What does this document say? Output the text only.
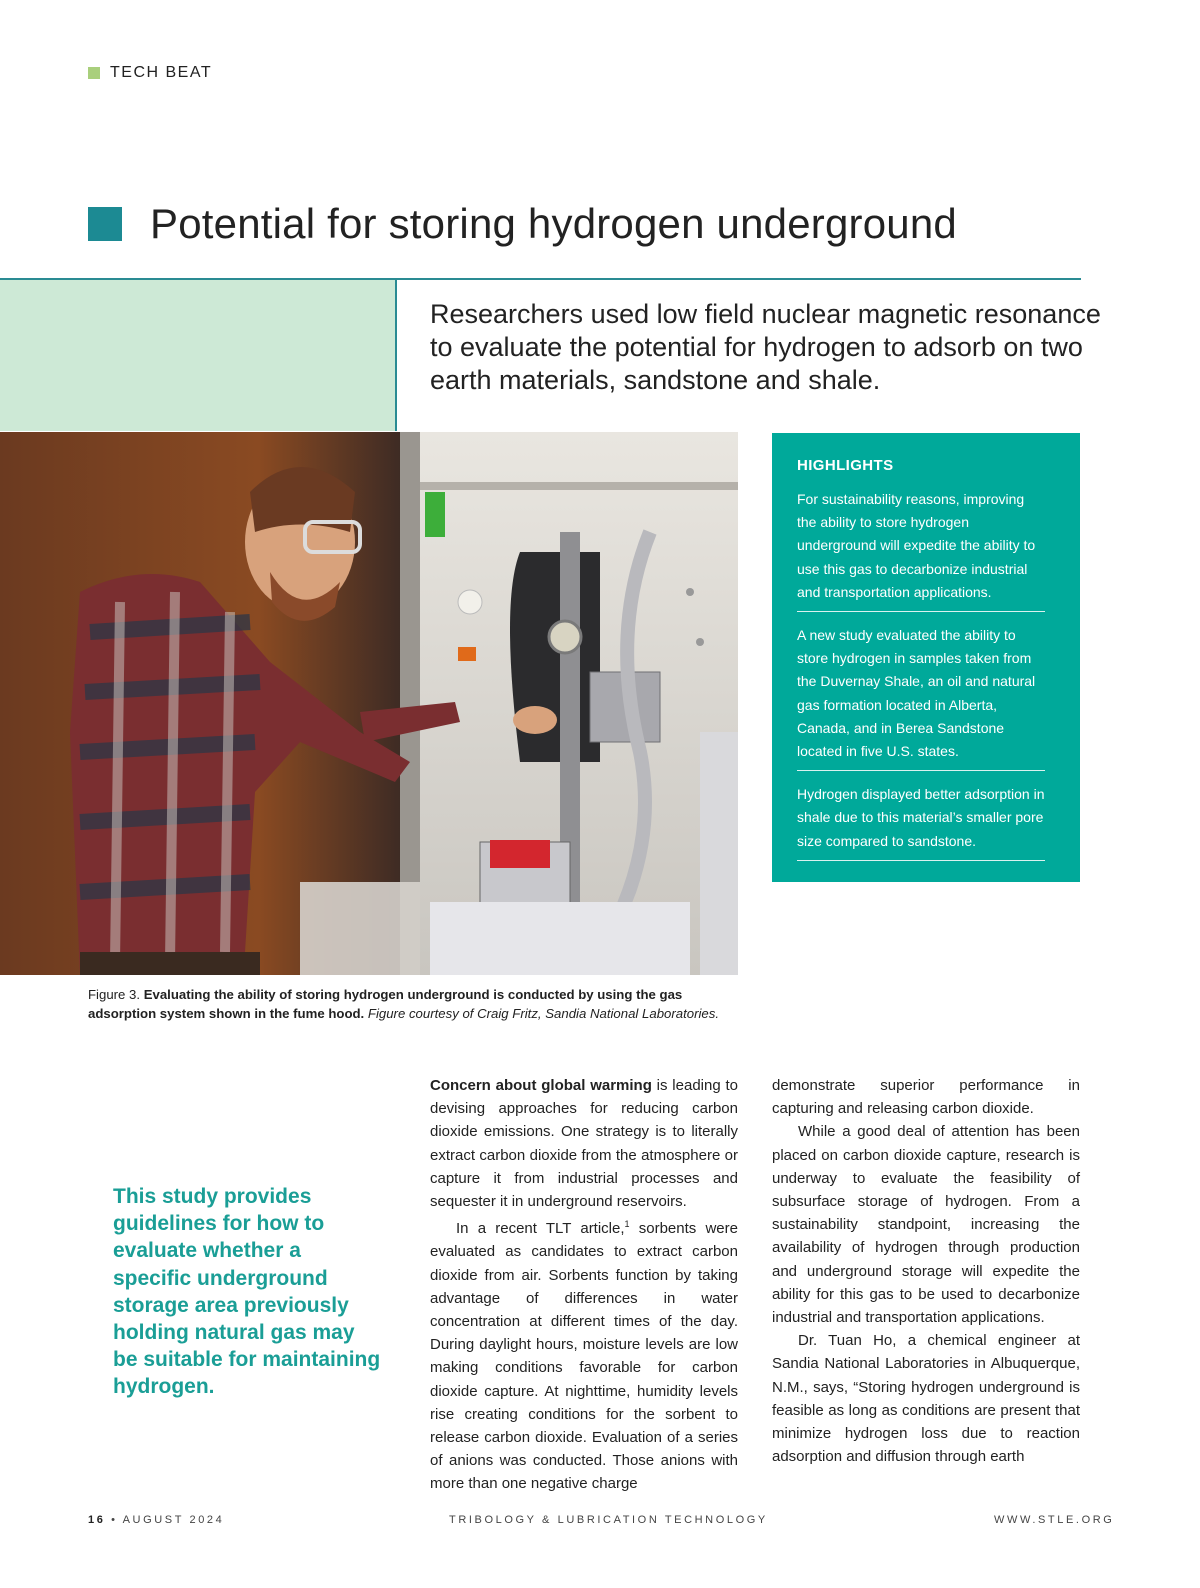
TECH BEAT
Potential for storing hydrogen underground
Researchers used low field nuclear magnetic resonance to evaluate the potential for hydrogen to adsorb on two earth materials, sandstone and shale.
HIGHLIGHTS
For sustainability reasons, improving the ability to store hydrogen underground will expedite the ability to use this gas to decarbonize industrial and transportation applications.
A new study evaluated the ability to store hydrogen in samples taken from the Duvernay Shale, an oil and natural gas formation located in Alberta, Canada, and in Berea Sandstone located in five U.S. states.
Hydrogen displayed better adsorption in shale due to this material’s smaller pore size compared to sandstone.
Figure 3. Evaluating the ability of storing hydrogen underground is conducted by using the gas adsorption system shown in the fume hood. Figure courtesy of Craig Fritz, Sandia National Laboratories.
This study provides guidelines for how to evaluate whether a specific underground storage area previously holding natural gas may be suitable for maintaining hydrogen.

Concern about global warming is leading to devising approaches for reducing carbon dioxide emissions. One strategy is to literally extract carbon dioxide from the atmosphere or capture it from industrial processes and sequester it in underground reservoirs.

In a recent TLT article,$^1$ sorbents were evaluated as candidates to extract carbon dioxide from air. Sorbents function by taking advantage of differences in water concentration at different times of the day. During daylight hours, moisture levels are low making conditions favorable for carbon dioxide capture. At nighttime, humidity levels rise creating conditions for the sorbent to release carbon dioxide. Evaluation of a series of anions was conducted. Those anions with more than one negative charge

demonstrate superior performance in capturing and releasing carbon dioxide.

While a good deal of attention has been placed on carbon dioxide capture, research is underway to evaluate the feasibility of subsurface storage of hydrogen. From a sustainability standpoint, increasing the availability of hydrogen through production and underground storage will expedite the ability for this gas to be used to decarbonize industrial and transportation applications.

Dr. Tuan Ho, a chemical engineer at Sandia National Laboratories in Albuquerque, N.M., says, “Storing hydrogen underground is feasible as long as conditions are present that minimize hydrogen loss due to reaction adsorption and diffusion through earth

16 • AUGUST 2024	TRIBOLOGY & LUBRICATION TECHNOLOGY	WWW.STLE.ORG
